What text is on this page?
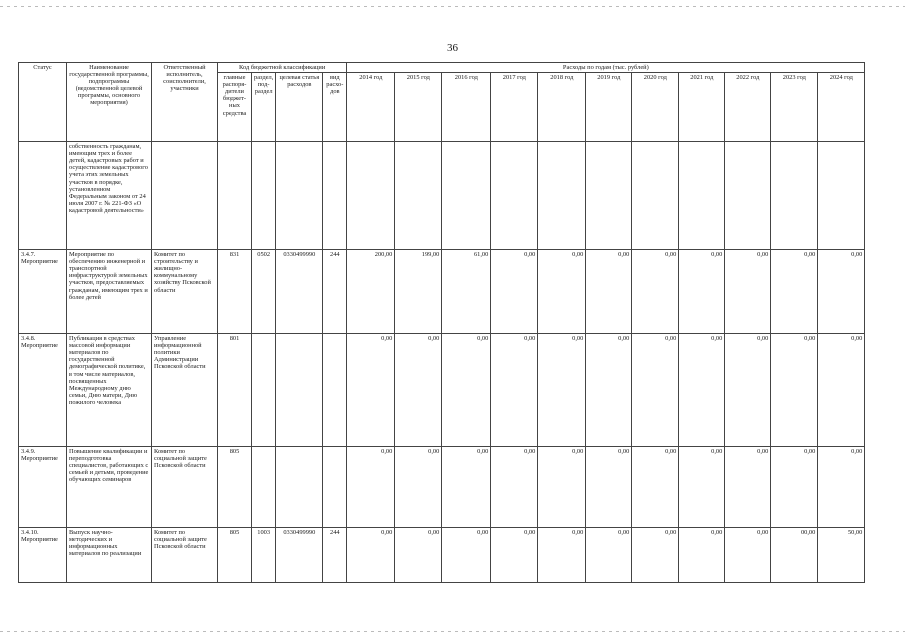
36
Статус	Наименование государственной программы, подпрограммы (ведомственной целевой программы, основного мероприятия)	Ответственный исполнитель, соисполнители, участники	Код бюджетной классификации				Расходы по годам (тыс. рублей)										
			главные распоря-дители бюджет-ных средства	раздел, под-раздел	целевая статья расходов	вид расхо-дов	2014 год	2015 год	2016 год	2017 год	2018 год	2019 год	2020 год	2021 год	2022 год	2023 год	2024 год
	собственность гражданам, имеющим трех и более детей, кадастровых работ и осуществление кадастрового учета этих земельных участков в порядке, установленном Федеральным законом от 24 июля 2007 г. № 221-ФЗ «О кадастровой деятельности»																
3.4.7. Мероприятие	Мероприятие по обеспечению инженерной и транспортной инфраструктурой земельных участков, предоставляемых гражданам, имеющим трех и более детей	Комитет по строительству и жилищно-коммунальному хозяйству Псковской области	831	0502	0330499990	244	200,00	199,00	61,00	0,00	0,00	0,00	0,00	0,00	0,00	0,00	0,00
3.4.8. Мероприятие	Публикация в средствах массовой информации материалов по государственной демографической политике, в том числе материалов, посвященных Международному дню семьи, Дню матери, Дню пожилого человека	Управление информационной политики Администрации Псковской области	801				0,00	0,00	0,00	0,00	0,00	0,00	0,00	0,00	0,00	0,00	0,00
3.4.9. Мероприятие	Повышение квалификации и переподготовка специалистов, работающих с семьей и детьми, проведение обучающих семинаров	Комитет по социальной защите Псковской области	805				0,00	0,00	0,00	0,00	0,00	0,00	0,00	0,00	0,00	0,00	0,00
3.4.10. Мероприятие	Выпуск научно-методических и информационных материалов по реализации	Комитет по социальной защите Псковской области	805	1003	0330499990	244	0,00	0,00	0,00	0,00	0,00	0,00	0,00	0,00	0,00	00,00	50,00
